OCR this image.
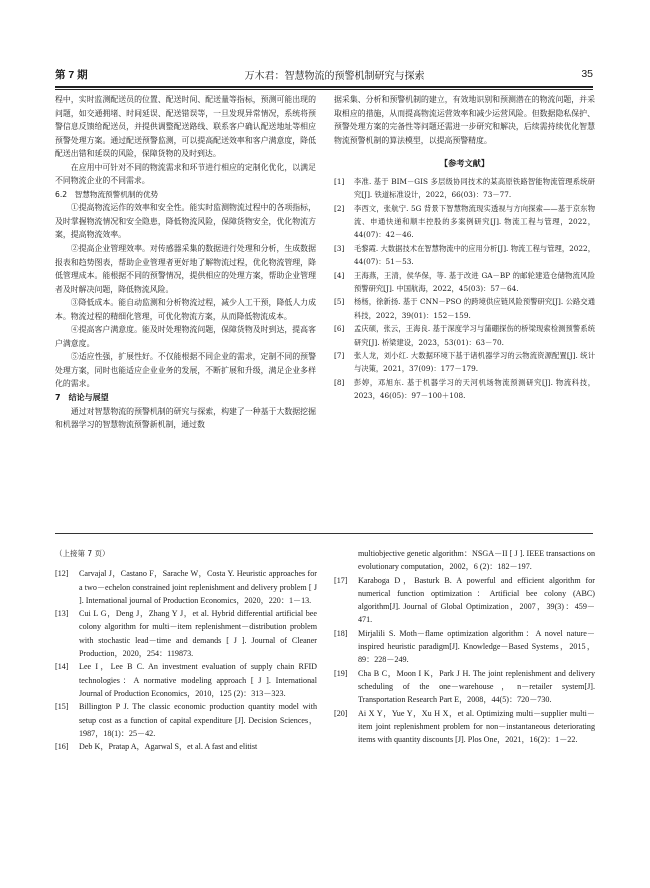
第 7 期	万木君：智慧物流的预警机制研究与探索	35

程中，实时监测配送员的位置、配送时间、配送量等指标，预测可能出现的问题，如交通拥堵、时间延误、配送错误等，一旦发现异常情况，系统将预警信息反馈给配送员，并提供调整配送路线、联系客户确认配送地址等相应预警处理方案。通过配送预警监测，可以提高配送效率和客户满意度，降低配送出错和延误的风险，保障货物的及时到达。

在应用中可针对不同的物流需求和环节进行相应的定制化优化，以满足不同物流企业的不同需求。

6.2　智慧物流预警机制的优势

①提高物流运作的效率和安全性。能实时监测物流过程中的各项指标，及时掌握物流情况和安全隐患，降低物流风险，保障货物安全，优化物流方案，提高物流效率。

②提高企业管理效率。对传感器采集的数据进行处理和分析，生成数据报表和趋势图表，帮助企业管理者更好地了解物流过程，优化物流管理，降低管理成本。能根据不同的预警情况，提供相应的处理方案，帮助企业管理者及时解决问题，降低物流风险。

③降低成本。能自动监测和分析物流过程，减少人工干预，降低人力成本。物流过程的精细化管理，可优化物流方案，从而降低物流成本。

④提高客户满意度。能及时处理物流问题，保障货物及时到达，提高客户满意度。

⑤适应性强，扩展性好。不仅能根据不同企业的需求，定制不同的预警处理方案，同时也能适应企业业务的发展，不断扩展和升级，满足企业多样化的需求。

7　结论与展望

通过对智慧物流的预警机制的研究与探索，构建了一种基于大数据挖掘和机器学习的智慧物流预警新机制，通过数

据采集、分析和预警机制的建立，有效地识别和预测潜在的物流问题，并采取相应的措施，从而提高物流运营效率和减少运营风险。但数据隐私保护、预警处理方案的完备性等问题还需进一步研究和解决，后续需持续优化智慧物流预警机制的算法模型，以提高预警精度。

【参考文献】
[1]	李准. 基于 BIM－GIS 多层级协同技术的某高原铁路智能物流管理系统研究[J]. 铁道标准设计，2022，66(03)：73－77.
[2]	李西文，张航宁. 5G 背景下智慧物流现实透视与方向探索——基于京东物流、申通快递和顺丰控股的多案例研究[J]. 物流工程与管理，2022，44(07)：42－46.
[3]	毛黎霞. 大数据技术在智慧物流中的应用分析[J]. 物流工程与管理，2022，44(07)：51－53.
[4]	王海燕，王清，侯华保，等. 基于改进 GA－BP 的邮轮建造仓储物流风险预警研究[J]. 中国航海，2022，45(03)：57－64.
[5]	杨杨，徐新扬. 基于 CNN－PSO 的跨境供应链风险预警研究[J]. 公路交通科技，2022，39(01)：152－159.
[6]	孟庆硕，张云，王海良. 基于深度学习与蒲硼探伤的桥梁现索检测预警系统研究[J]. 桥梁建设，2023，53(01)：63－70.
[7]	张人龙，刘小红. 大数据环境下基于诸机器学习的云物流资源配置[J]. 统计与决策，2021，37(09)：177－179.
[8]	彭婷，邓旭东. 基于机器学习的天河机场物流预测研究[J]. 物流科技，2023，46(05)：97－100＋108.
（上接第 7 页）
[12]	Carvajal J，Castano F，Sarache W，Costa Y. Heuristic approaches for a two－echelon constrained joint replenishment and delivery problem [ J ]. International journal of Production Economics，2020，220：1－13.
[13]	Cui L G，Deng J，Zhang Y J，et al. Hybrid differential artificial bee colony algorithm for multi－item replenishment－distribution problem with stochastic lead－time and demands [ J ]. Journal of Cleaner Production，2020，254：119873.
[14]	Lee I，Lee B C. An investment evaluation of supply chain RFID technologies：A normative modeling approach [ J ]. International Journal of Production Economics，2010，125 (2)：313－323.
[15]	Billington P J. The classic economic production quantity model with setup cost as a function of capital expenditure [J]. Decision Sciences，1987，18(1)：25－42.
[16]	Deb K，Pratap A，Agarwal S，et al. A fast and elitist
multiobjective genetic algorithm：NSGA－II [ J ]. IEEE transactions on evolutionary computation，2002，6 (2)：182－197.
[17]	Karaboga D，Basturk B. A powerful and efficient algorithm for numerical function optimization：Artificial bee colony (ABC) algorithm[J]. Journal of Global Optimization，2007，39(3)：459－471.
[18]	Mirjalili S. Moth－flame optimization algorithm：A novel nature－inspired heuristic paradigm[J]. Knowledge－Based Systems，2015，89：228－249.
[19]	Cha B C，Moon I K，Park J H. The joint replenishment and delivery scheduling of the one－warehouse，n－retailer system[J]. Transportation Research Part E，2008，44(5)：720－730.
[20]	Ai X Y，Yue Y，Xu H X，et al. Optimizing multi－supplier multi－item joint replenishment problem for non－instantaneous deteriorating items with quantity discounts [J]. Plos One，2021，16(2)：1－22.
